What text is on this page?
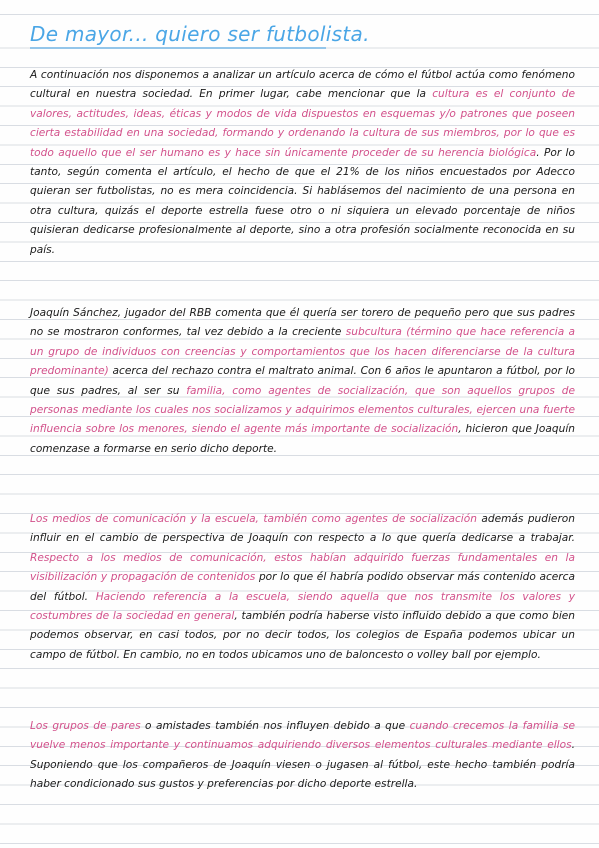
De mayor... quiero ser futbolista.

A continuación nos disponemos a analizar un artículo acerca de cómo el fútbol actúa como fenómeno cultural en nuestra sociedad. En primer lugar, cabe mencionar que la cultura es el conjunto de valores, actitudes, ideas, éticas y modos de vida dispuestos en esquemas y/o patrones que poseen cierta estabilidad en una sociedad, formando y ordenando la cultura de sus miembros, por lo que es todo aquello que el ser humano es y hace sin únicamente proceder de su herencia biológica. Por lo tanto, según comenta el artículo, el hecho de que el 21% de los niños encuestados por Adecco quieran ser futbolistas, no es mera coincidencia. Si hablásemos del nacimiento de una persona en otra cultura, quizás el deporte estrella fuese otro o ni siquiera un elevado porcentaje de niños quisieran dedicarse profesionalmente al deporte, sino a otra profesión socialmente reconocida en su país.

Joaquín Sánchez, jugador del RBB comenta que él quería ser torero de pequeño pero que sus padres no se mostraron conformes, tal vez debido a la creciente subcultura (término que hace referencia a un grupo de individuos con creencias y comportamientos que los hacen diferenciarse de la cultura predominante) acerca del rechazo contra el maltrato animal. Con 6 años le apuntaron a fútbol, por lo que sus padres, al ser su familia, como agentes de socialización, que son aquellos grupos de personas mediante los cuales nos socializamos y adquirimos elementos culturales, ejercen una fuerte influencia sobre los menores, siendo el agente más importante de socialización, hicieron que Joaquín comenzase a formarse en serio dicho deporte.

Los medios de comunicación y la escuela, también como agentes de socialización además pudieron influir en el cambio de perspectiva de Joaquín con respecto a lo que quería dedicarse a trabajar. Respecto a los medios de comunicación, estos habían adquirido fuerzas fundamentales en la visibilización y propagación de contenidos por lo que él habría podido observar más contenido acerca del fútbol. Haciendo referencia a la escuela, siendo aquella que nos transmite los valores y costumbres de la sociedad en general, también podría haberse visto influido debido a que como bien podemos observar, en casi todos, por no decir todos, los colegios de España podemos ubicar un campo de fútbol. En cambio, no en todos ubicamos uno de baloncesto o volley ball por ejemplo.

Los grupos de pares o amistades también nos influyen debido a que cuando crecemos la familia se vuelve menos importante y continuamos adquiriendo diversos elementos culturales mediante ellos. Suponiendo que los compañeros de Joaquín viesen o jugasen al fútbol, este hecho también podría haber condicionado sus gustos y preferencias por dicho deporte estrella.
